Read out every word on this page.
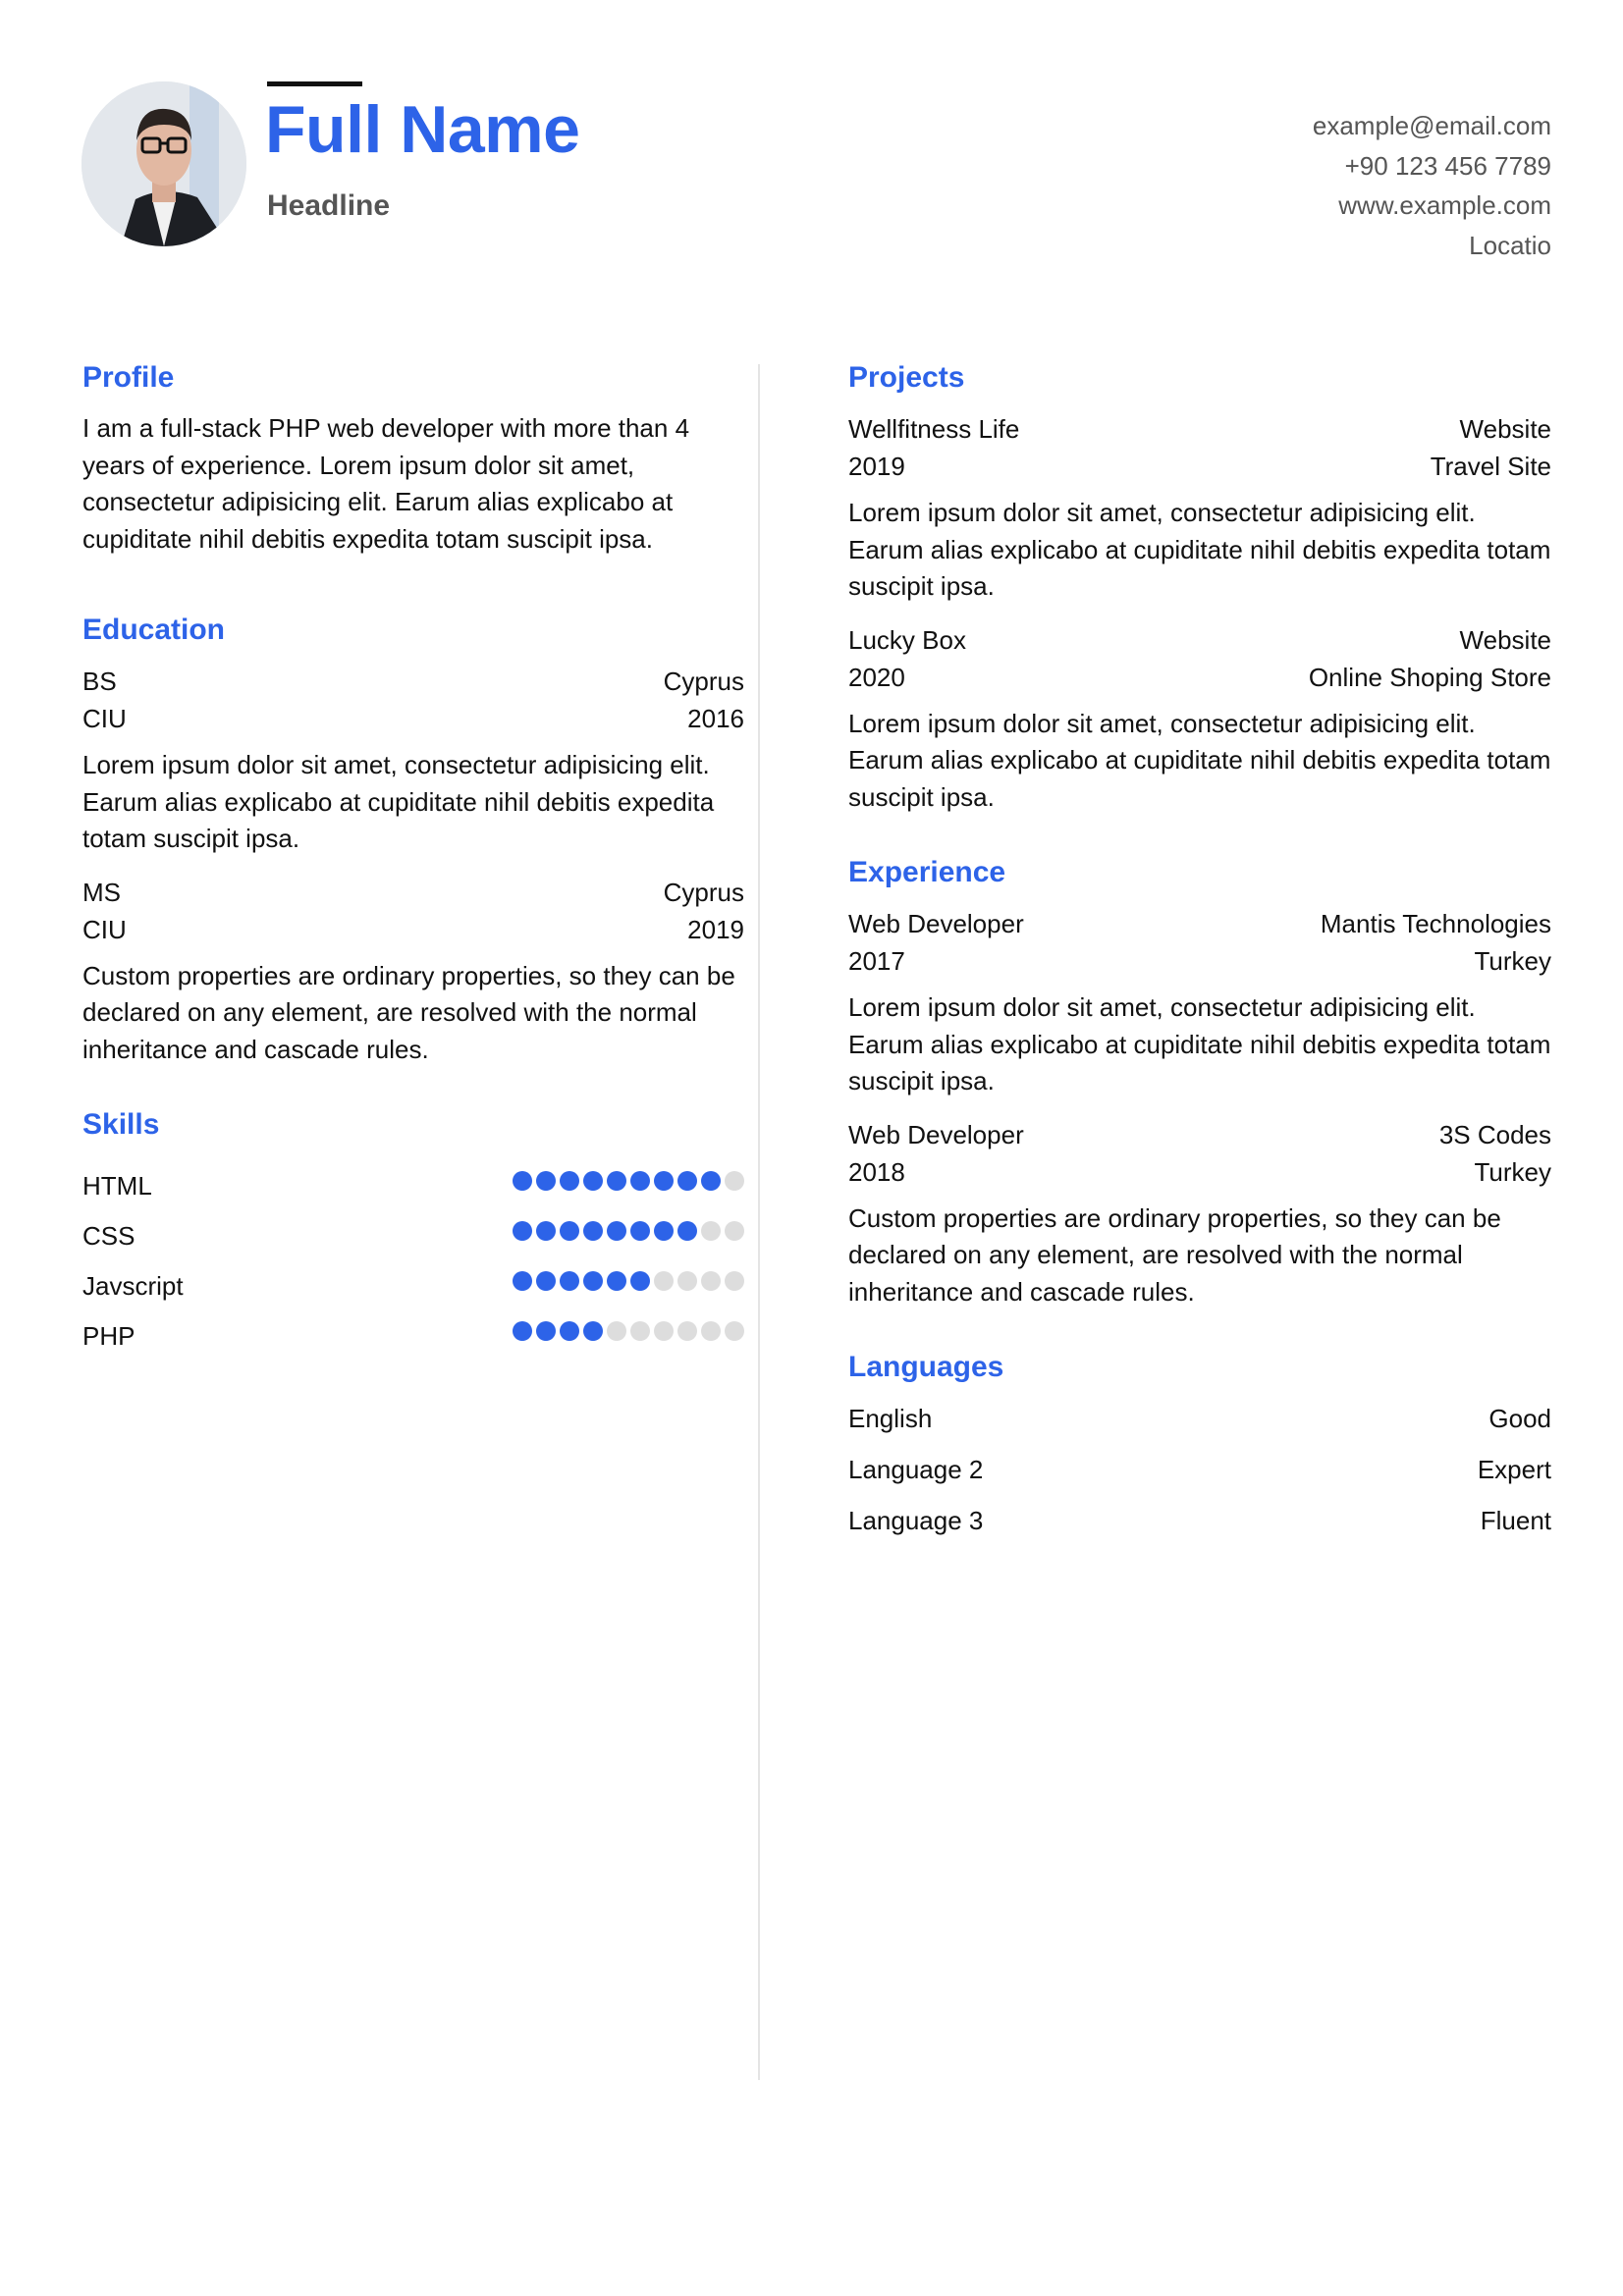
Full Name
Headline
example@email.com
+90 123 456 7789
www.example.com
Locatio
Profile
I am a full-stack PHP web developer with more than 4 years of experience. Lorem ipsum dolor sit amet, consectetur adipisicing elit. Earum alias explicabo at cupiditate nihil debitis expedita totam suscipit ipsa.
Education
BS	Cyprus
CIU	2016
Lorem ipsum dolor sit amet, consectetur adipisicing elit. Earum alias explicabo at cupiditate nihil debitis expedita totam suscipit ipsa.
MS	Cyprus
CIU	2019
Custom properties are ordinary properties, so they can be declared on any element, are resolved with the normal inheritance and cascade rules.
Skills
HTML
CSS
Javscript
PHP
Projects
Wellfitness Life	Website
2019	Travel Site
Lorem ipsum dolor sit amet, consectetur adipisicing elit. Earum alias explicabo at cupiditate nihil debitis expedita totam suscipit ipsa.
Lucky Box	Website
2020	Online Shoping Store
Lorem ipsum dolor sit amet, consectetur adipisicing elit. Earum alias explicabo at cupiditate nihil debitis expedita totam suscipit ipsa.
Experience
Web Developer	Mantis Technologies
2017	Turkey
Lorem ipsum dolor sit amet, consectetur adipisicing elit. Earum alias explicabo at cupiditate nihil debitis expedita totam suscipit ipsa.
Web Developer	3S Codes
2018	Turkey
Custom properties are ordinary properties, so they can be declared on any element, are resolved with the normal inheritance and cascade rules.
Languages
English	Good
Language 2	Expert
Language 3	Fluent
